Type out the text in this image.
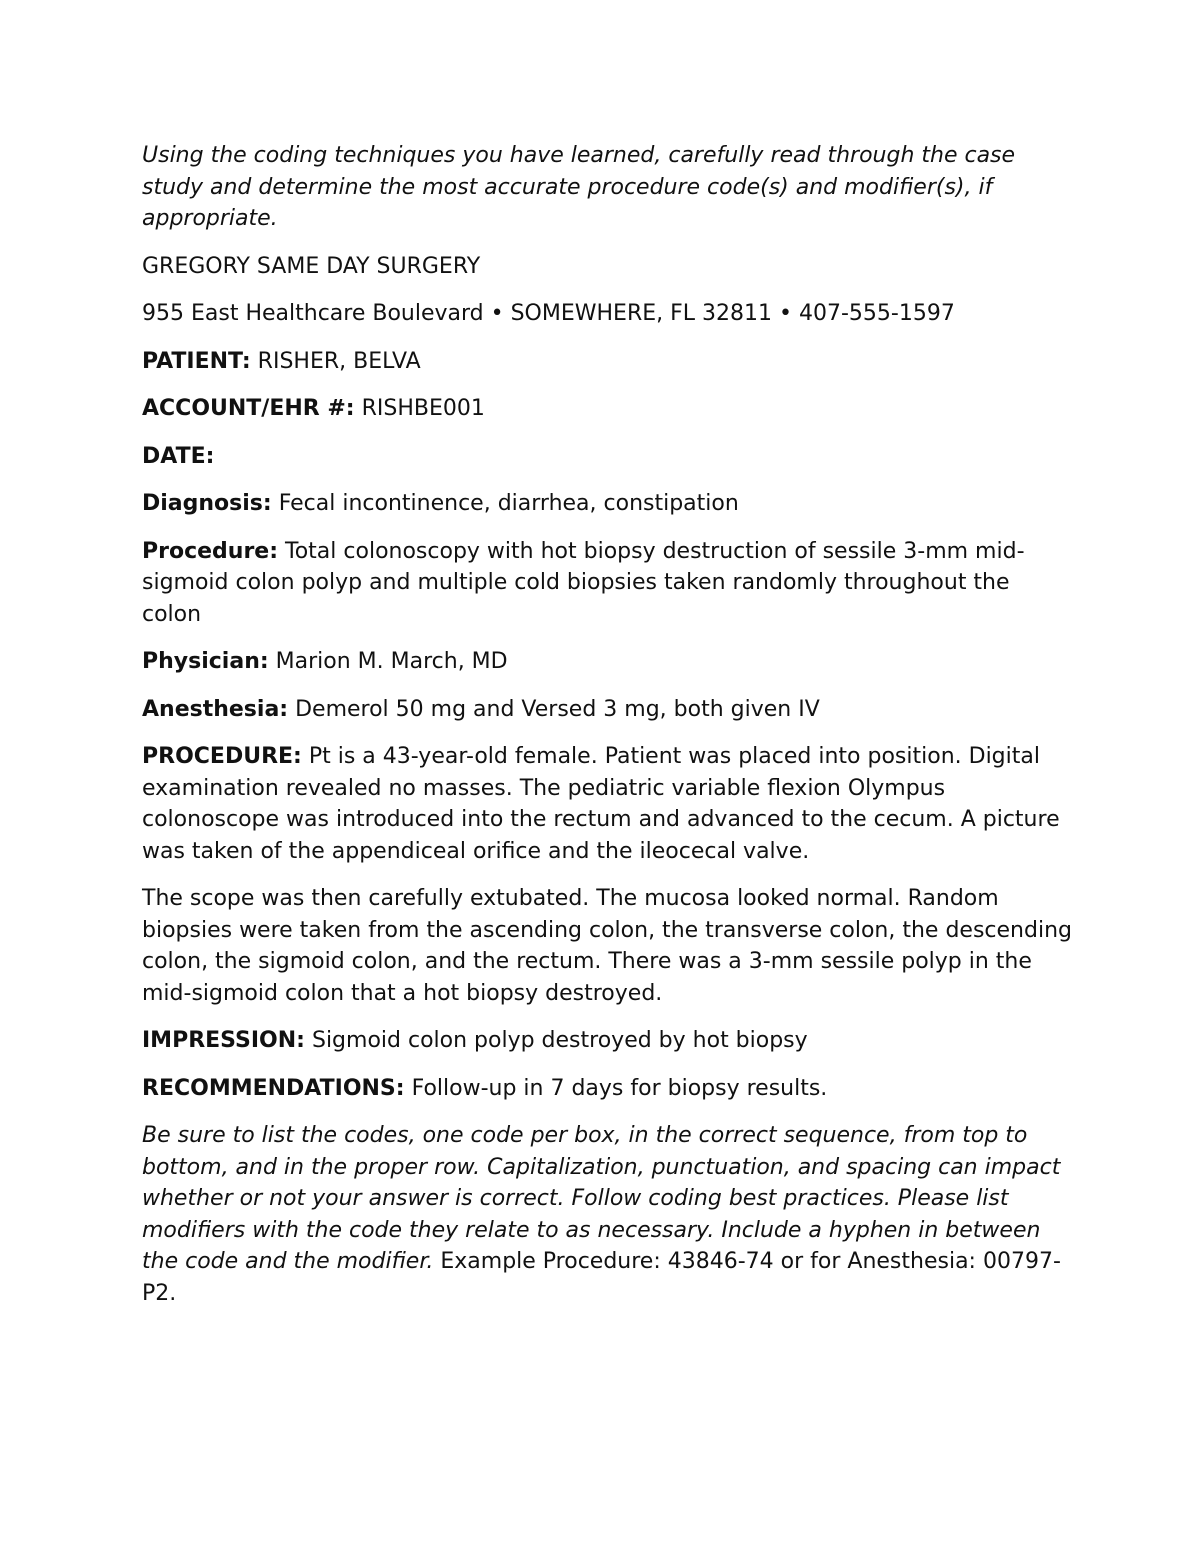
Using the coding techniques you have learned, carefully read through the case study and determine the most accurate procedure code(s) and modifier(s), if appropriate.

GREGORY SAME DAY SURGERY

955 East Healthcare Boulevard • SOMEWHERE, FL 32811 • 407-555-1597

PATIENT: RISHER, BELVA

ACCOUNT/EHR #: RISHBE001

DATE:

Diagnosis: Fecal incontinence, diarrhea, constipation

Procedure: Total colonoscopy with hot biopsy destruction of sessile 3-mm mid-sigmoid colon polyp and multiple cold biopsies taken randomly throughout the colon

Physician: Marion M. March, MD

Anesthesia: Demerol 50 mg and Versed 3 mg, both given IV

PROCEDURE: Pt is a 43-year-old female. Patient was placed into position. Digital examination revealed no masses. The pediatric variable flexion Olympus colonoscope was introduced into the rectum and advanced to the cecum. A picture was taken of the appendiceal orifice and the ileocecal valve.

The scope was then carefully extubated. The mucosa looked normal. Random biopsies were taken from the ascending colon, the transverse colon, the descending colon, the sigmoid colon, and the rectum. There was a 3-mm sessile polyp in the mid-sigmoid colon that a hot biopsy destroyed.

IMPRESSION: Sigmoid colon polyp destroyed by hot biopsy

RECOMMENDATIONS: Follow-up in 7 days for biopsy results.

Be sure to list the codes, one code per box, in the correct sequence, from top to bottom, and in the proper row. Capitalization, punctuation, and spacing can impact whether or not your answer is correct. Follow coding best practices. Please list modifiers with the code they relate to as necessary. Include a hyphen in between the code and the modifier. Example Procedure: 43846-74 or for Anesthesia: 00797-P2.
